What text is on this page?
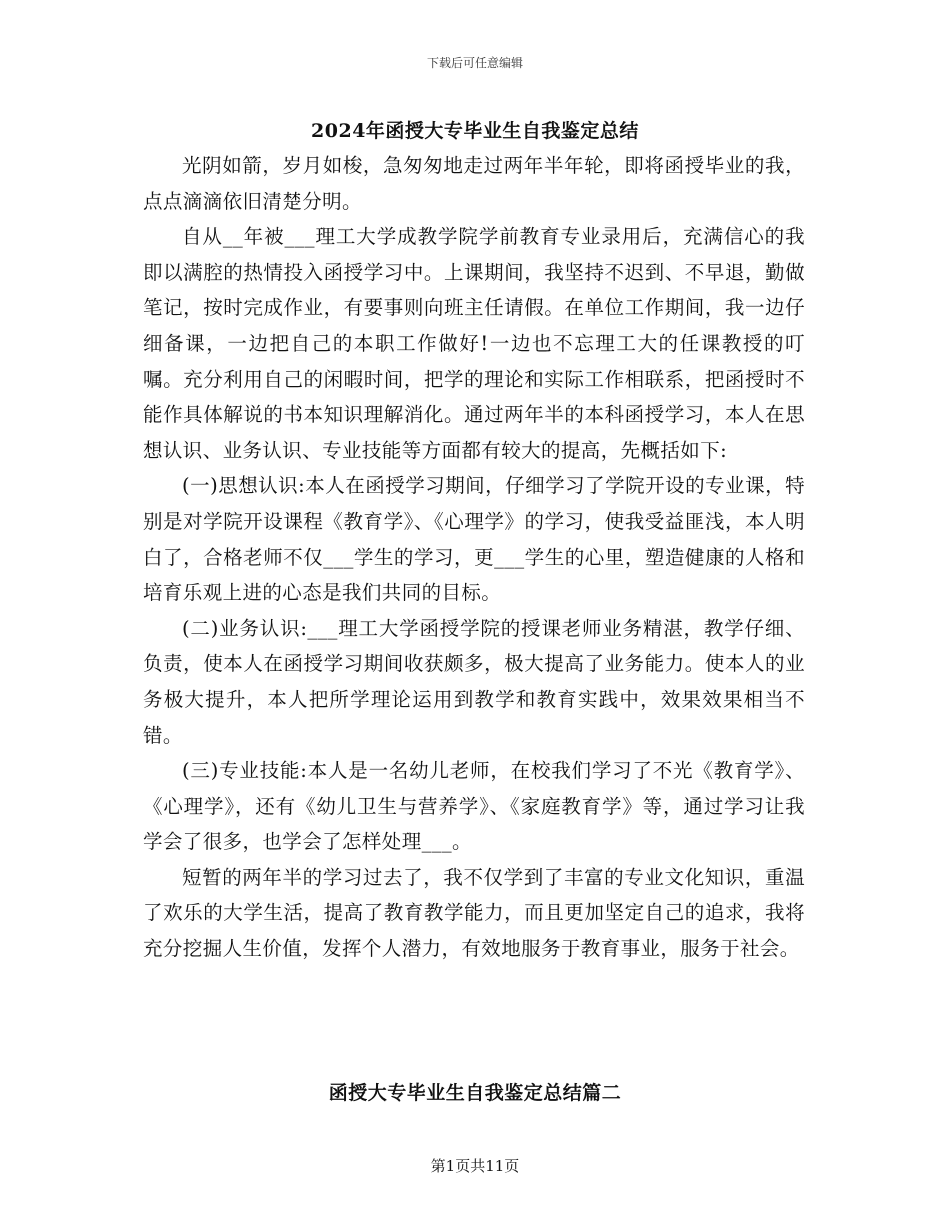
下载后可任意编辑
2024年函授大专毕业生自我鉴定总结

光阴如箭，岁月如梭，急匆匆地走过两年半年轮，即将函授毕业的我，点点滴滴依旧清楚分明。

自从__年被___理工大学成教学院学前教育专业录用后，充满信心的我即以满腔的热情投入函授学习中。上课期间，我坚持不迟到、不早退，勤做笔记，按时完成作业，有要事则向班主任请假。在单位工作期间，我一边仔细备课，一边把自己的本职工作做好!一边也不忘理工大的任课教授的叮嘱。充分利用自己的闲暇时间，把学的理论和实际工作相联系，把函授时不能作具体解说的书本知识理解消化。通过两年半的本科函授学习，本人在思想认识、业务认识、专业技能等方面都有较大的提高，先概括如下:

(一)思想认识:本人在函授学习期间，仔细学习了学院开设的专业课，特别是对学院开设课程《教育学》、《心理学》的学习，使我受益匪浅，本人明白了，合格老师不仅___学生的学习，更___学生的心里，塑造健康的人格和培育乐观上进的心态是我们共同的目标。

(二)业务认识:___理工大学函授学院的授课老师业务精湛，教学仔细、负责，使本人在函授学习期间收获颇多，极大提高了业务能力。使本人的业务极大提升，本人把所学理论运用到教学和教育实践中，效果效果相当不错。

(三)专业技能:本人是一名幼儿老师，在校我们学习了不光《教育学》、《心理学》，还有《幼儿卫生与营养学》、《家庭教育学》等，通过学习让我学会了很多，也学会了怎样处理___。

短暂的两年半的学习过去了，我不仅学到了丰富的专业文化知识，重温了欢乐的大学生活，提高了教育教学能力，而且更加坚定自己的追求，我将充分挖掘人生价值，发挥个人潜力，有效地服务于教育事业，服务于社会。

函授大专毕业生自我鉴定总结篇二
第1页共11页
